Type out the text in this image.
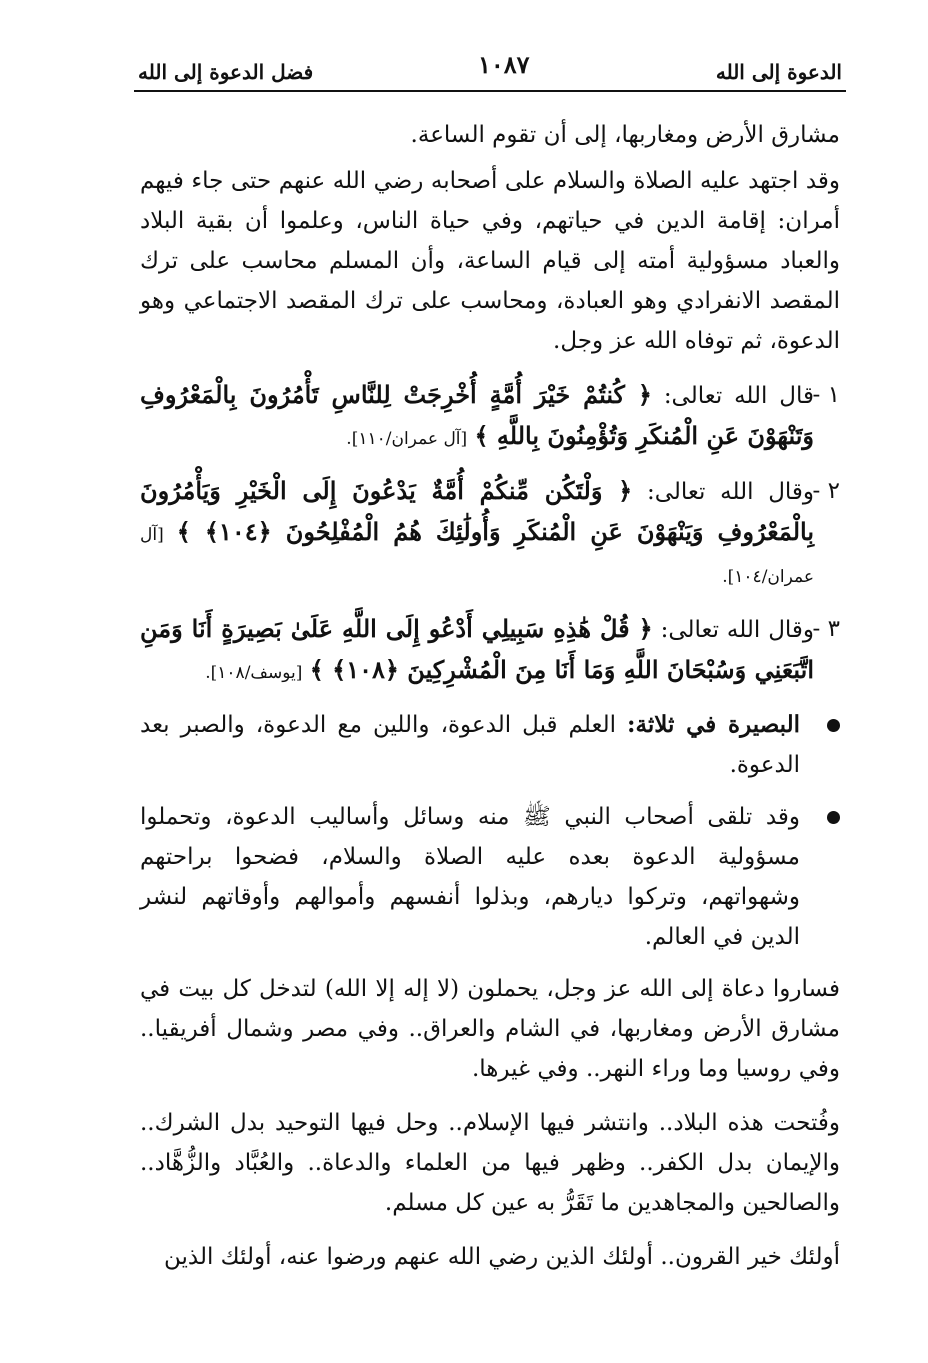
الدعوة إلى الله
١٠٨٧
فضل الدعوة إلى الله

مشارق الأرض ومغاربها، إلى أن تقوم الساعة.

وقد اجتهد عليه الصلاة والسلام على أصحابه رضي الله عنهم حتى جاء فيهم أمران: إقامة الدين في حياتهم، وفي حياة الناس، وعلموا أن بقية البلاد والعباد مسؤولية أمته إلى قيام الساعة، وأن المسلم محاسب على ترك المقصد الانفرادي وهو العبادة، ومحاسب على ترك المقصد الاجتماعي وهو الدعوة، ثم توفاه الله عز وجل.

١ -
قال الله تعالى: ﴿ كُنتُمْ خَيْرَ أُمَّةٍ أُخْرِجَتْ لِلنَّاسِ تَأْمُرُونَ بِالْمَعْرُوفِ وَتَنْهَوْنَ عَنِ الْمُنكَرِ وَتُؤْمِنُونَ بِاللَّهِ ﴾ [آل عمران/١١٠].
٢ -
وقال الله تعالى: ﴿ وَلْتَكُن مِّنكُمْ أُمَّةٌ يَدْعُونَ إِلَى الْخَيْرِ وَيَأْمُرُونَ بِالْمَعْرُوفِ وَيَنْهَوْنَ عَنِ الْمُنكَرِ وَأُولَٰئِكَ هُمُ الْمُفْلِحُونَ ﴿١٠٤﴾ ﴾ [آل عمران/١٠٤].
٣ -
وقال الله تعالى: ﴿ قُلْ هَٰذِهِ سَبِيلِي أَدْعُو إِلَى اللَّهِ عَلَىٰ بَصِيرَةٍ أَنَا وَمَنِ اتَّبَعَنِي وَسُبْحَانَ اللَّهِ وَمَا أَنَا مِنَ الْمُشْرِكِينَ ﴿١٠٨﴾ ﴾ [يوسف/١٠٨].
البصيرة في ثلاثة: العلم قبل الدعوة، واللين مع الدعوة، والصبر بعد الدعوة.
وقد تلقى أصحاب النبي ﷺ منه وسائل وأساليب الدعوة، وتحملوا مسؤولية الدعوة بعده عليه الصلاة والسلام، فضحوا براحتهم وشهواتهم، وتركوا ديارهم، وبذلوا أنفسهم وأموالهم وأوقاتهم لنشر الدين في العالم.

فساروا دعاة إلى الله عز وجل، يحملون (لا إله إلا الله) لتدخل كل بيت في مشارق الأرض ومغاربها، في الشام والعراق.. وفي مصر وشمال أفريقيا.. وفي روسيا وما وراء النهر.. وفي غيرها.

وفُتحت هذه البلاد.. وانتشر فيها الإسلام.. وحل فيها التوحيد بدل الشرك.. والإيمان بدل الكفر.. وظهر فيها من العلماء والدعاة.. والعُبَّاد والزُّهَّاد.. والصالحين والمجاهدين ما تَقَرُّ به عين كل مسلم.

أولئك خير القرون.. أولئك الذين رضي الله عنهم ورضوا عنه، أولئك الذين
